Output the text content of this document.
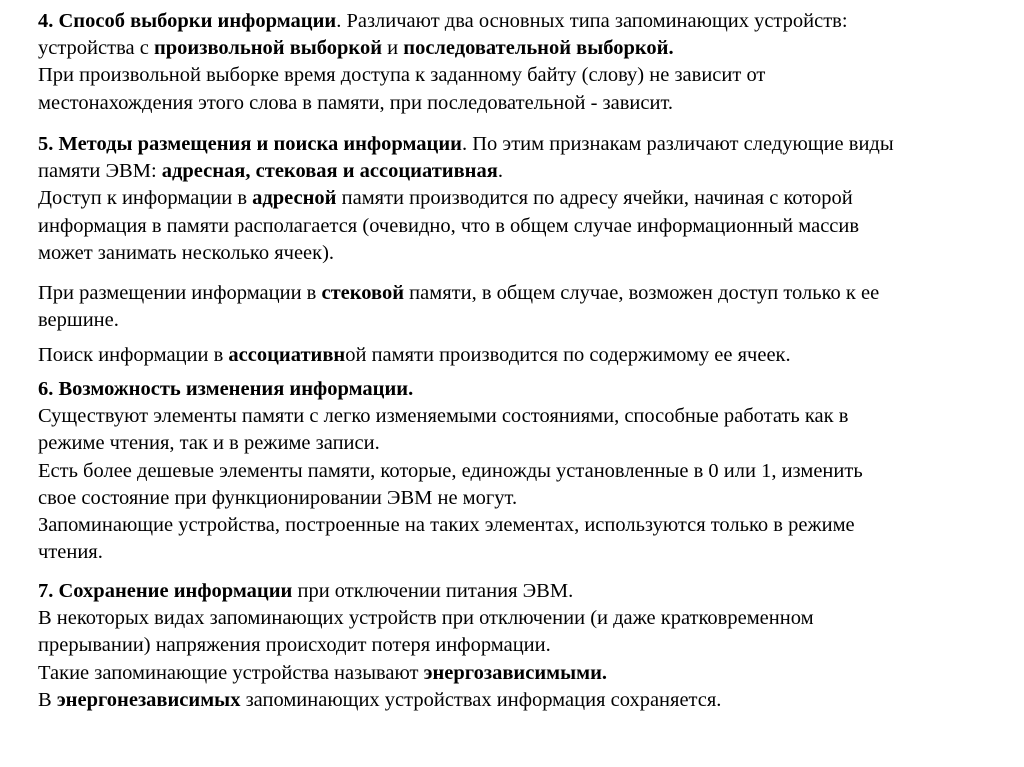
4. Способ выборки информации. Различают два основных типа запоминающих устройств:
устройства с произвольной выборкой и последовательной выборкой.
При произвольной выборке время доступа к заданному байту (слову) не зависит от
местонахождения этого слова в памяти, при последовательной - зависит.
5. Методы размещения и поиска информации. По этим признакам различают следующие виды
памяти ЭВМ: адресная, стековая и ассоциативная.
Доступ к информации в адресной памяти производится по адресу ячейки, начиная с которой
информация в памяти располагается (очевидно, что в общем случае информационный массив
может занимать несколько ячеек).
При размещении информации в стековой памяти, в общем случае, возможен доступ только к ее
вершине.
Поиск информации в ассоциативной памяти производится по содержимому ее ячеек.
6. Возможность изменения информации.
Существуют элементы памяти с легко изменяемыми состояниями, способные работать как в
режиме чтения, так и в режиме записи.
Есть более дешевые элементы памяти, которые, единожды установленные в 0 или 1, изменить
свое состояние при функционировании ЭВМ не могут.
Запоминающие устройства, построенные на таких элементах, используются только в режиме
чтения.
7. Сохранение информации при отключении питания ЭВМ.
В некоторых видах запоминающих устройств при отключении (и даже кратковременном
прерывании) напряжения происходит потеря информации.
Такие запоминающие устройства называют энергозависимыми.
В энергонезависимых запоминающих устройствах информация сохраняется.
